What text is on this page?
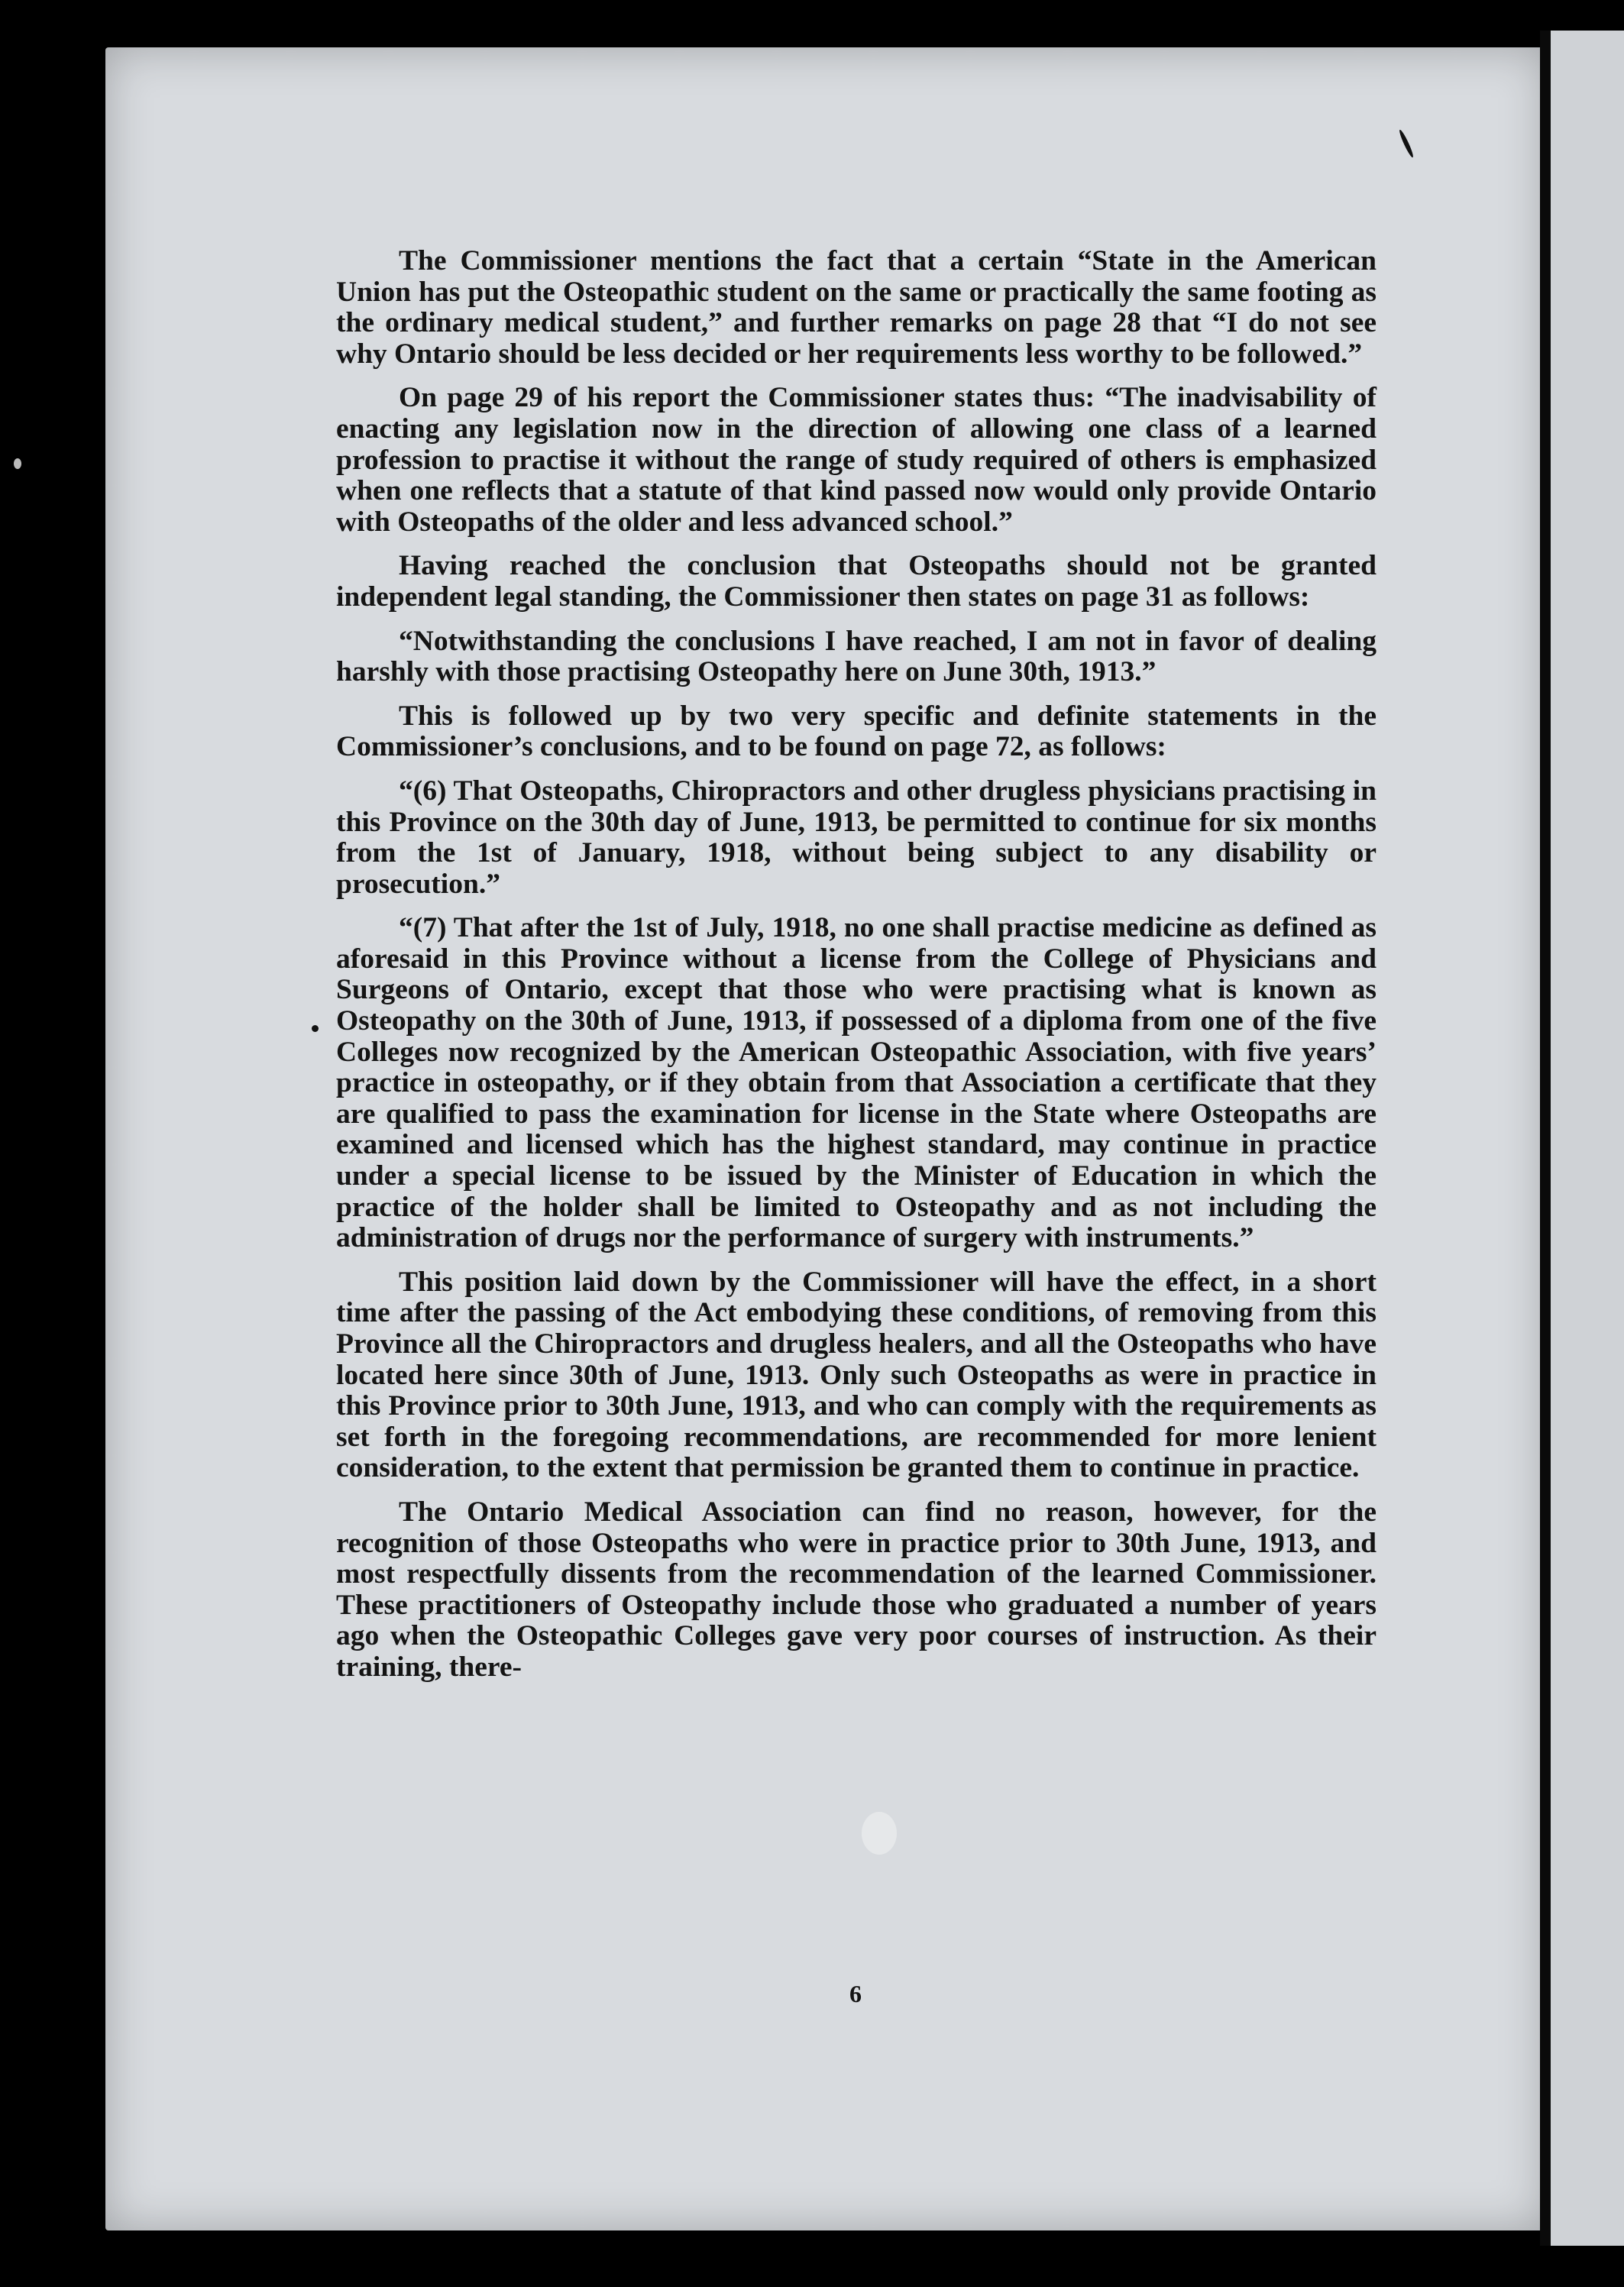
The Commissioner mentions the fact that a certain “State in the American Union has put the Osteopathic student on the same or practically the same footing as the ordinary medical student,” and further remarks on page 28 that “I do not see why Ontario should be less decided or her requirements less worthy to be followed.”

On page 29 of his report the Commissioner states thus: “The inadvisability of enacting any legislation now in the direction of allowing one class of a learned profession to practise it without the range of study required of others is emphasized when one reflects that a statute of that kind passed now would only provide Ontario with Osteopaths of the older and less advanced school.”

Having reached the conclusion that Osteopaths should not be granted independent legal standing, the Commissioner then states on page 31 as follows:

“Notwithstanding the conclusions I have reached, I am not in favor of dealing harshly with those practising Osteopathy here on June 30th, 1913.”

This is followed up by two very specific and definite statements in the Commissioner’s conclusions, and to be found on page 72, as follows:

“(6) That Osteopaths, Chiropractors and other drugless physicians practising in this Province on the 30th day of June, 1913, be permitted to continue for six months from the 1st of January, 1918, without being subject to any disability or prosecution.”

“(7) That after the 1st of July, 1918, no one shall practise medicine as defined as aforesaid in this Province without a license from the College of Physicians and Surgeons of Ontario, except that those who were practising what is known as Osteopathy on the 30th of June, 1913, if possessed of a diploma from one of the five Colleges now recognized by the American Osteopathic Association, with five years’ practice in osteopathy, or if they obtain from that Association a certificate that they are qualified to pass the examination for license in the State where Osteopaths are examined and licensed which has the highest standard, may continue in practice under a special license to be issued by the Minister of Education in which the practice of the holder shall be limited to Osteopathy and as not including the administration of drugs nor the performance of surgery with instruments.”

This position laid down by the Commissioner will have the effect, in a short time after the passing of the Act embodying these conditions, of removing from this Province all the Chiropractors and drugless healers, and all the Osteopaths who have located here since 30th of June, 1913. Only such Osteopaths as were in practice in this Province prior to 30th June, 1913, and who can comply with the requirements as set forth in the foregoing recommendations, are recommended for more lenient consideration, to the extent that permission be granted them to continue in practice.

The Ontario Medical Association can find no reason, however, for the recognition of those Osteopaths who were in practice prior to 30th June, 1913, and most respectfully dissents from the recommendation of the learned Commissioner. These practitioners of Osteopathy include those who graduated a number of years ago when the Osteopathic Colleges gave very poor courses of instruction. As their training, there-

6
